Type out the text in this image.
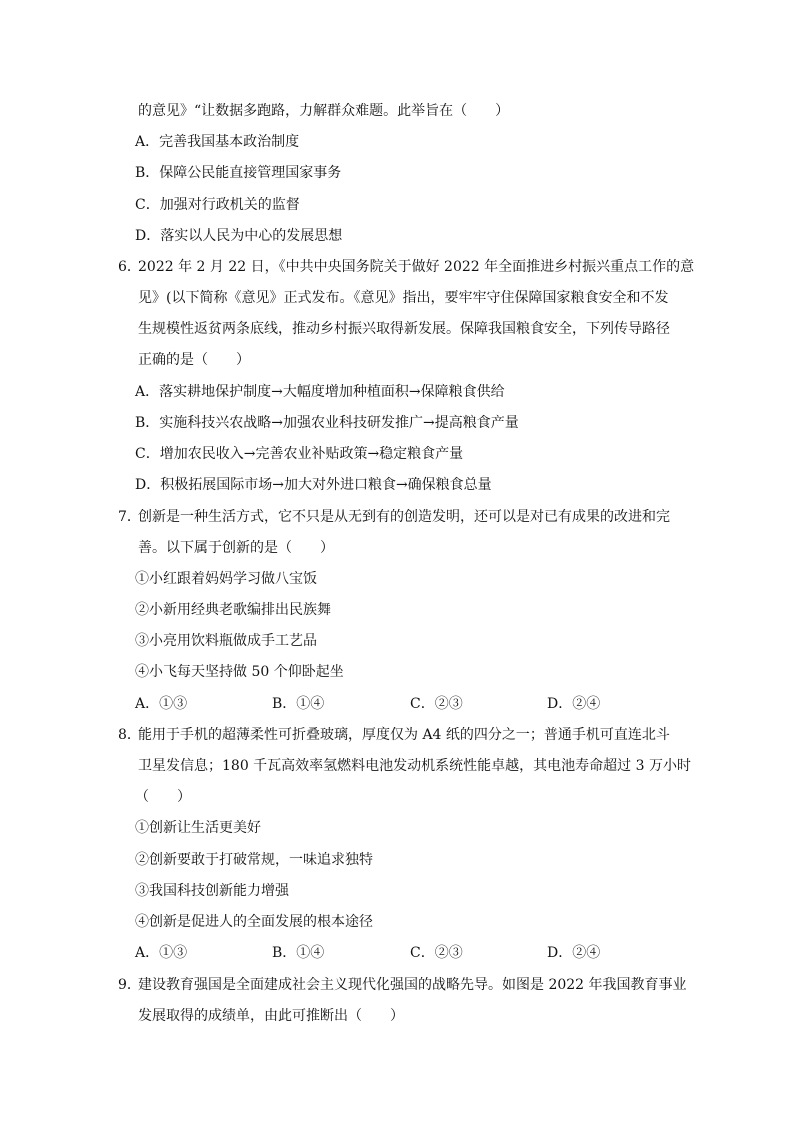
的意见》“让数据多跑路，力解群众难题。此举旨在（　　）
A．完善我国基本政治制度
B．保障公民能直接管理国家事务
C．加强对行政机关的监督
D．落实以人民为中心的发展思想
6．
2022 年 2 月 22 日，《中共中央国务院关于做好 2022 年全面推进乡村振兴重点工作的意
见》(以下简称《意见》正式发布。《意见》指出，要牢牢守住保障国家粮食安全和不发
生规模性返贫两条底线，推动乡村振兴取得新发展。保障我国粮食安全，下列传导路径
正确的是（　　）
A．落实耕地保护制度→大幅度增加种植面积→保障粮食供给
B．实施科技兴农战略→加强农业科技研发推广→提高粮食产量
C．增加农民收入→完善农业补贴政策→稳定粮食产量
D．积极拓展国际市场→加大对外进口粮食→确保粮食总量
7．
创新是一种生活方式，它不只是从无到有的创造发明，还可以是对已有成果的改进和完
善。以下属于创新的是（　　）
①小红跟着妈妈学习做八宝饭
②小新用经典老歌编排出民族舞
③小亮用饮料瓶做成手工艺品
④小飞每天坚持做 50 个仰卧起坐
A．①③	B．①④	C．②③	D．②④
8．
能用于手机的超薄柔性可折叠玻璃，厚度仅为 A4 纸的四分之一；普通手机可直连北斗
卫星发信息；180 千瓦高效率氢燃料电池发动机系统性能卓越，其电池寿命超过 3 万小时
（　　）
①创新让生活更美好
②创新要敢于打破常规，一味追求独特
③我国科技创新能力增强
④创新是促进人的全面发展的根本途径
A．①③	B．①④	C．②③	D．②④
9．
建设教育强国是全面建成社会主义现代化强国的战略先导。如图是 2022 年我国教育事业
发展取得的成绩单，由此可推断出（　　）
